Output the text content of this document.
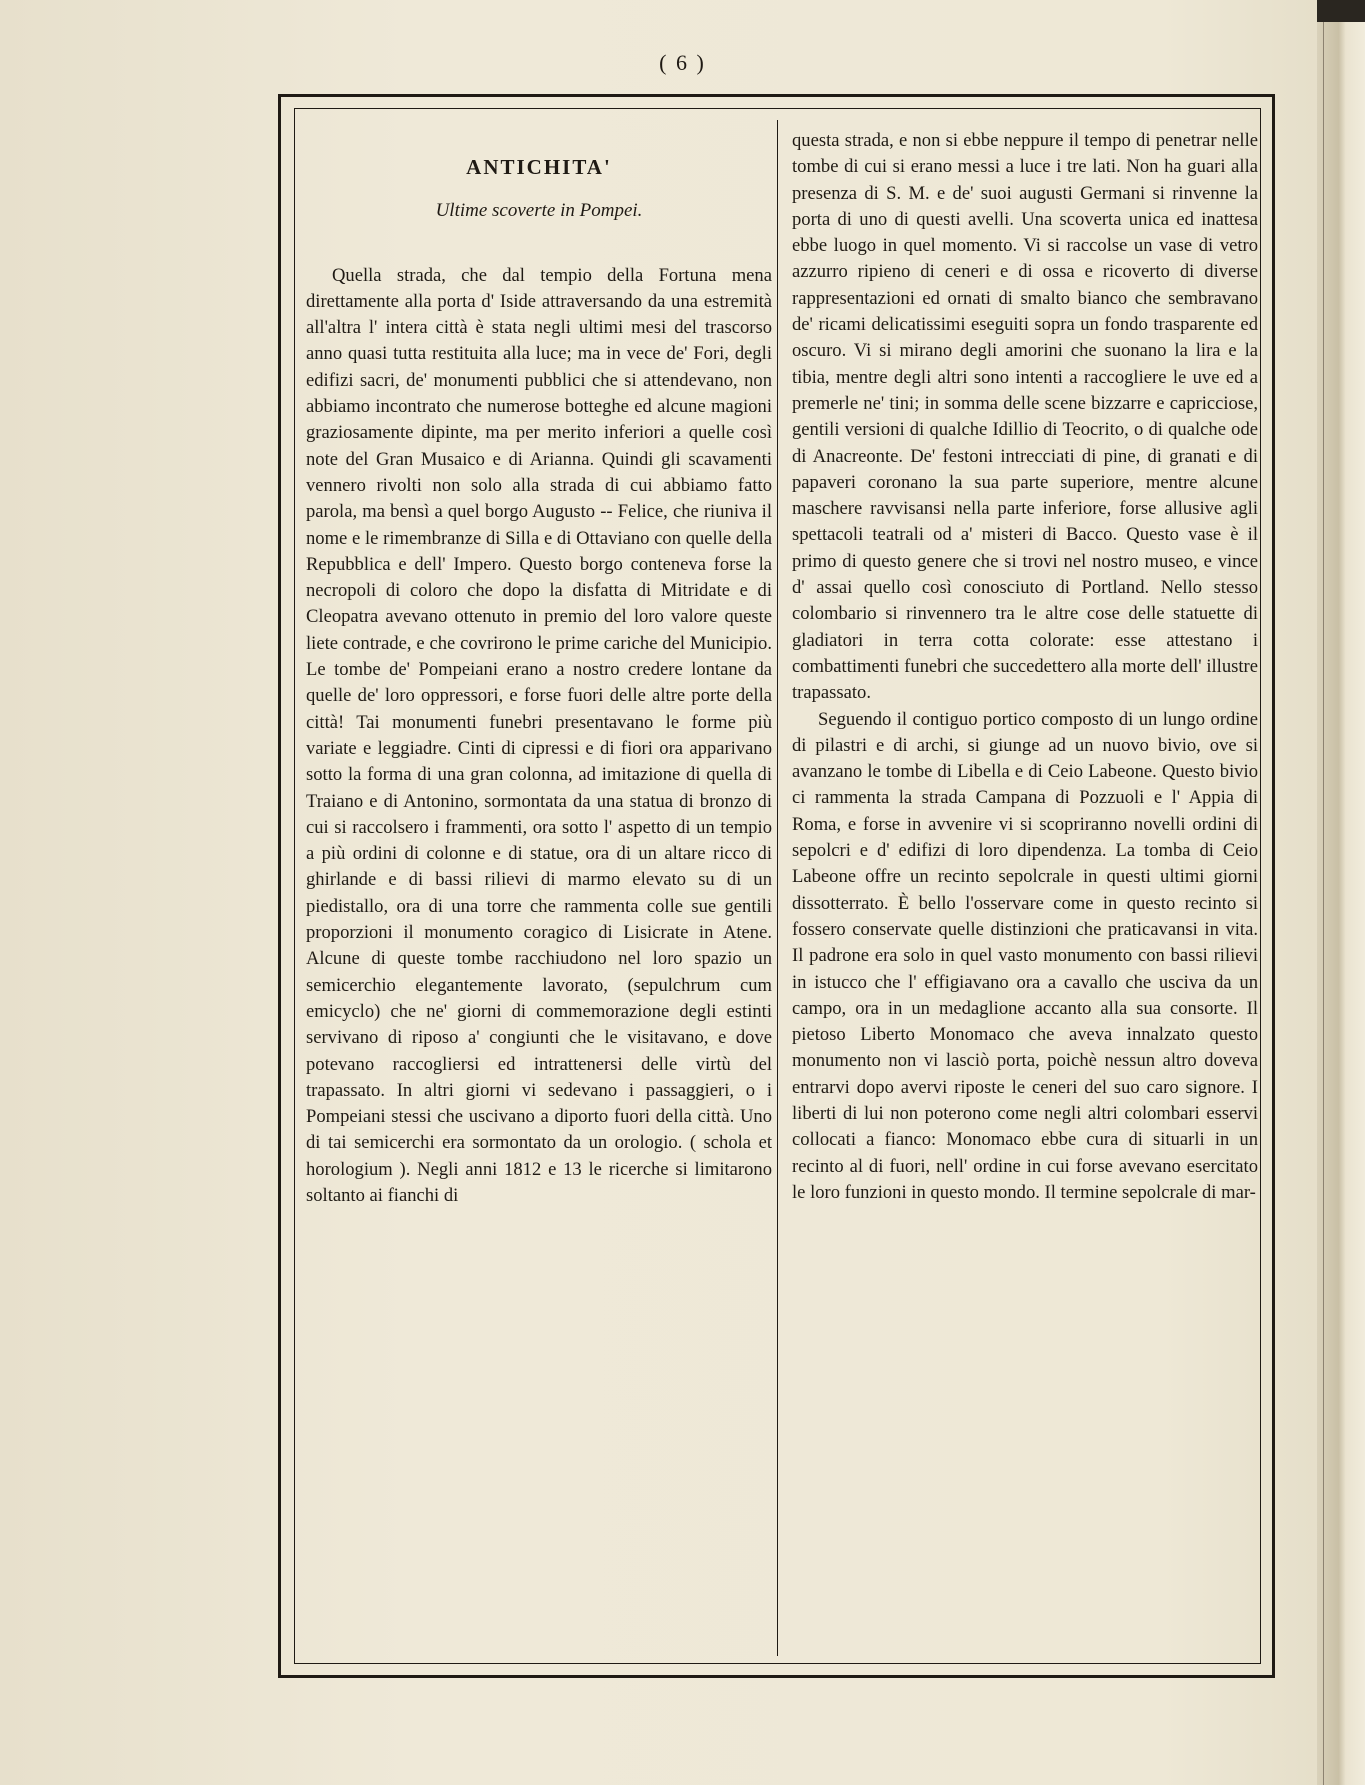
( 6 )
ANTICHITA'
Ultime scoverte in Pompei.

Quella strada, che dal tempio della Fortuna mena direttamente alla porta d' Iside attraversando da una estremità all'altra l' intera città è stata negli ultimi mesi del trascorso anno quasi tutta restituita alla luce; ma in vece de' Fori, degli edifizi sacri, de' monumenti pubblici che si attendevano, non abbiamo incontrato che numerose botteghe ed alcune magioni graziosamente dipinte, ma per merito inferiori a quelle così note del Gran Musaico e di Arianna. Quindi gli scavamenti vennero rivolti non solo alla strada di cui abbiamo fatto parola, ma bensì a quel borgo Augusto -- Felice, che riuniva il nome e le rimembranze di Silla e di Ottaviano con quelle della Repubblica e dell' Impero. Questo borgo conteneva forse la necropoli di coloro che dopo la disfatta di Mitridate e di Cleopatra avevano ottenuto in premio del loro valore queste liete contrade, e che covrirono le prime cariche del Municipio. Le tombe de' Pompeiani erano a nostro credere lontane da quelle de' loro oppressori, e forse fuori delle altre porte della città! Tai monumenti funebri presentavano le forme più variate e leggiadre. Cinti di cipressi e di fiori ora apparivano sotto la forma di una gran colonna, ad imitazione di quella di Traiano e di Antonino, sormontata da una statua di bronzo di cui si raccolsero i frammenti, ora sotto l' aspetto di un tempio a più ordini di colonne e di statue, ora di un altare ricco di ghirlande e di bassi rilievi di marmo elevato su di un piedistallo, ora di una torre che rammenta colle sue gentili proporzioni il monumento coragico di Lisicrate in Atene. Alcune di queste tombe racchiudono nel loro spazio un semicerchio elegantemente lavorato, (sepulchrum cum emicyclo) che ne' giorni di commemorazione degli estinti servivano di riposo a' congiunti che le visitavano, e dove potevano raccogliersi ed intrattenersi delle virtù del trapassato. In altri giorni vi sedevano i passaggieri, o i Pompeiani stessi che uscivano a diporto fuori della città. Uno di tai semicerchi era sormontato da un orologio. ( schola et horologium ). Negli anni 1812 e 13 le ricerche si limitarono soltanto ai fianchi di

questa strada, e non si ebbe neppure il tempo di penetrar nelle tombe di cui si erano messi a luce i tre lati. Non ha guari alla presenza di S. M. e de' suoi augusti Germani si rinvenne la porta di uno di questi avelli. Una scoverta unica ed inattesa ebbe luogo in quel momento. Vi si raccolse un vase di vetro azzurro ripieno di ceneri e di ossa e ricoverto di diverse rappresentazioni ed ornati di smalto bianco che sembravano de' ricami delicatissimi eseguiti sopra un fondo trasparente ed oscuro. Vi si mirano degli amorini che suonano la lira e la tibia, mentre degli altri sono intenti a raccogliere le uve ed a premerle ne' tini; in somma delle scene bizzarre e capricciose, gentili versioni di qualche Idillio di Teocrito, o di qualche ode di Anacreonte. De' festoni intrecciati di pine, di granati e di papaveri coronano la sua parte superiore, mentre alcune maschere ravvisansi nella parte inferiore, forse allusive agli spettacoli teatrali od a' misteri di Bacco. Questo vase è il primo di questo genere che si trovi nel nostro museo, e vince d' assai quello così conosciuto di Portland. Nello stesso colombario si rinvennero tra le altre cose delle statuette di gladiatori in terra cotta colorate: esse attestano i combattimenti funebri che succedettero alla morte dell' illustre trapassato.

Seguendo il contiguo portico composto di un lungo ordine di pilastri e di archi, si giunge ad un nuovo bivio, ove si avanzano le tombe di Libella e di Ceio Labeone. Questo bivio ci rammenta la strada Campana di Pozzuoli e l' Appia di Roma, e forse in avvenire vi si scopriranno novelli ordini di sepolcri e d' edifizi di loro dipendenza. La tomba di Ceio Labeone offre un recinto sepolcrale in questi ultimi giorni dissotterrato. È bello l'osservare come in questo recinto si fossero conservate quelle distinzioni che praticavansi in vita. Il padrone era solo in quel vasto monumento con bassi rilievi in istucco che l' effigiavano ora a cavallo che usciva da un campo, ora in un medaglione accanto alla sua consorte. Il pietoso Liberto Monomaco che aveva innalzato questo monumento non vi lasciò porta, poichè nessun altro doveva entrarvi dopo avervi riposte le ceneri del suo caro signore. I liberti di lui non poterono come negli altri colombari esservi collocati a fianco: Monomaco ebbe cura di situarli in un recinto al di fuori, nell' ordine in cui forse avevano esercitato le loro funzioni in questo mondo. Il termine sepolcrale di mar-
